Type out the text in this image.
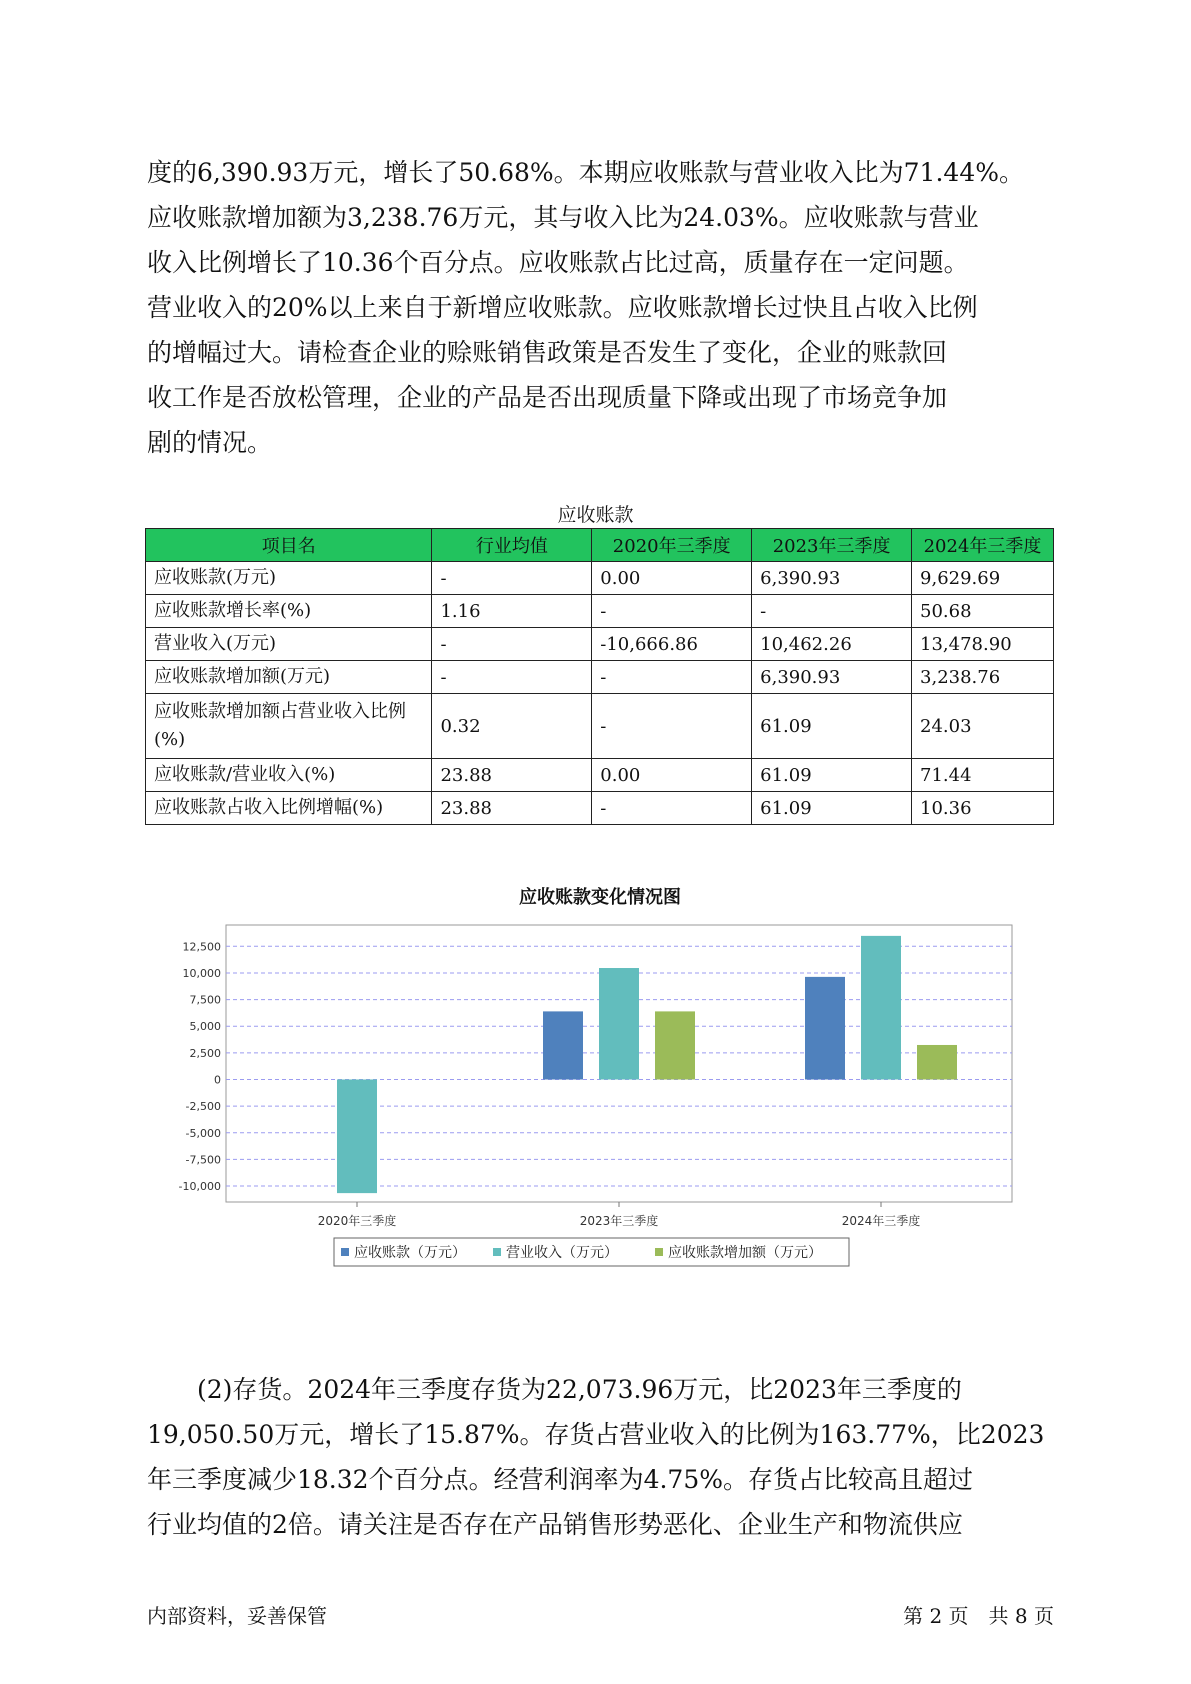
度的6,390.93万元，增长了50.68%。本期应收账款与营业收入比为71.44%。
应收账款增加额为3,238.76万元，其与收入比为24.03%。应收账款与营业
收入比例增长了10.36个百分点。应收账款占比过高，质量存在一定问题。
营业收入的20%以上来自于新增应收账款。应收账款增长过快且占收入比例
的增幅过大。请检查企业的赊账销售政策是否发生了变化，企业的账款回
收工作是否放松管理，企业的产品是否出现质量下降或出现了市场竞争加
剧的情况。
应收账款
项目名	行业均值	2020年三季度	2023年三季度	2024年三季度
应收账款(万元)	-	0.00	6,390.93	9,629.69
应收账款增长率(%)	1.16	-	-	50.68
营业收入(万元)	-	-10,666.86	10,462.26	13,478.90
应收账款增加额(万元)	-	-	6,390.93	3,238.76
应收账款增加额占营业收入比例(%)	0.32	-	61.09	24.03
应收账款/营业收入(%)	23.88	0.00	61.09	71.44
应收账款占收入比例增幅(%)	23.88	-	61.09	10.36
应收账款变化情况图
12,500
10,000
7,500
5,000
2,500
0
-2,500
-5,000
-7,500
-10,000
2020年三季度	2023年三季度	2024年三季度
应收账款（万元）	营业收入（万元）	应收账款增加额（万元）
　　(2)存货。2024年三季度存货为22,073.96万元，比2023年三季度的
19,050.50万元，增长了15.87%。存货占营业收入的比例为163.77%，比2023
年三季度减少18.32个百分点。经营利润率为4.75%。存货占比较高且超过
行业均值的2倍。请关注是否存在产品销售形势恶化、企业生产和物流供应
内部资料，妥善保管	第 2 页　共 8 页
